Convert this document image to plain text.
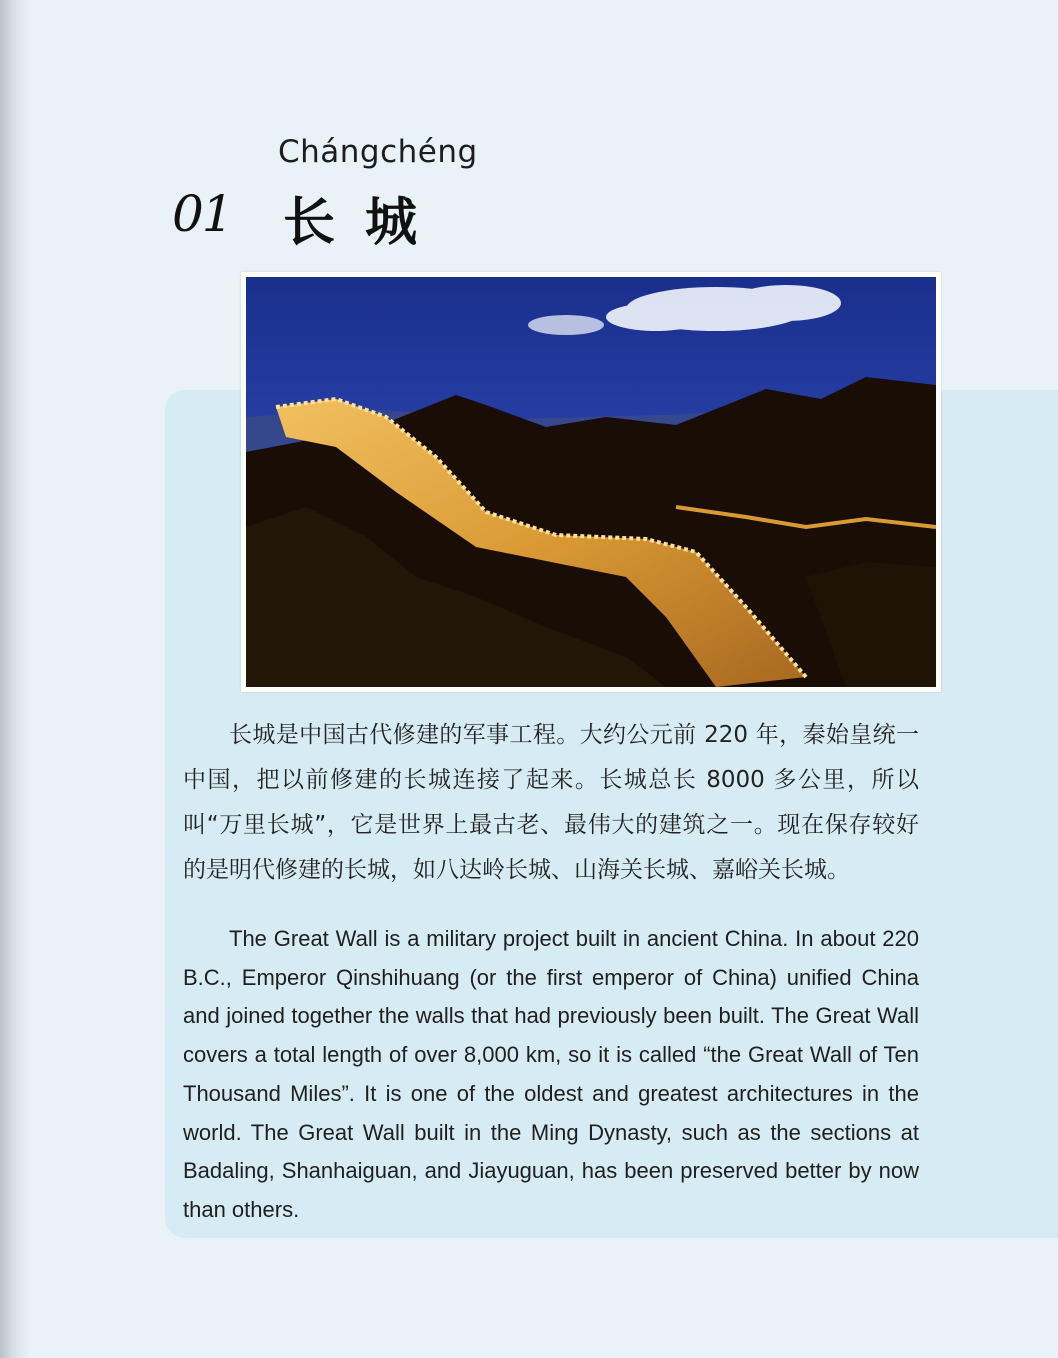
Chángchéng
01 长城

长城是中国古代修建的军事工程。大约公元前 220 年，秦始皇统一中国，把以前修建的长城连接了起来。长城总长 8000 多公里，所以叫“万里长城”，它是世界上最古老、最伟大的建筑之一。现在保存较好的是明代修建的长城，如八达岭长城、山海关长城、嘉峪关长城。

The Great Wall is a military project built in ancient China. In about 220 B.C., Emperor Qinshihuang (or the first emperor of China) unified China and joined together the walls that had previously been built. The Great Wall covers a total length of over 8,000 km, so it is called “the Great Wall of Ten Thousand Miles”. It is one of the oldest and greatest architectures in the world. The Great Wall built in the Ming Dynasty, such as the sections at Badaling, Shanhaiguan, and Jiayuguan, has been preserved better by now than others.
